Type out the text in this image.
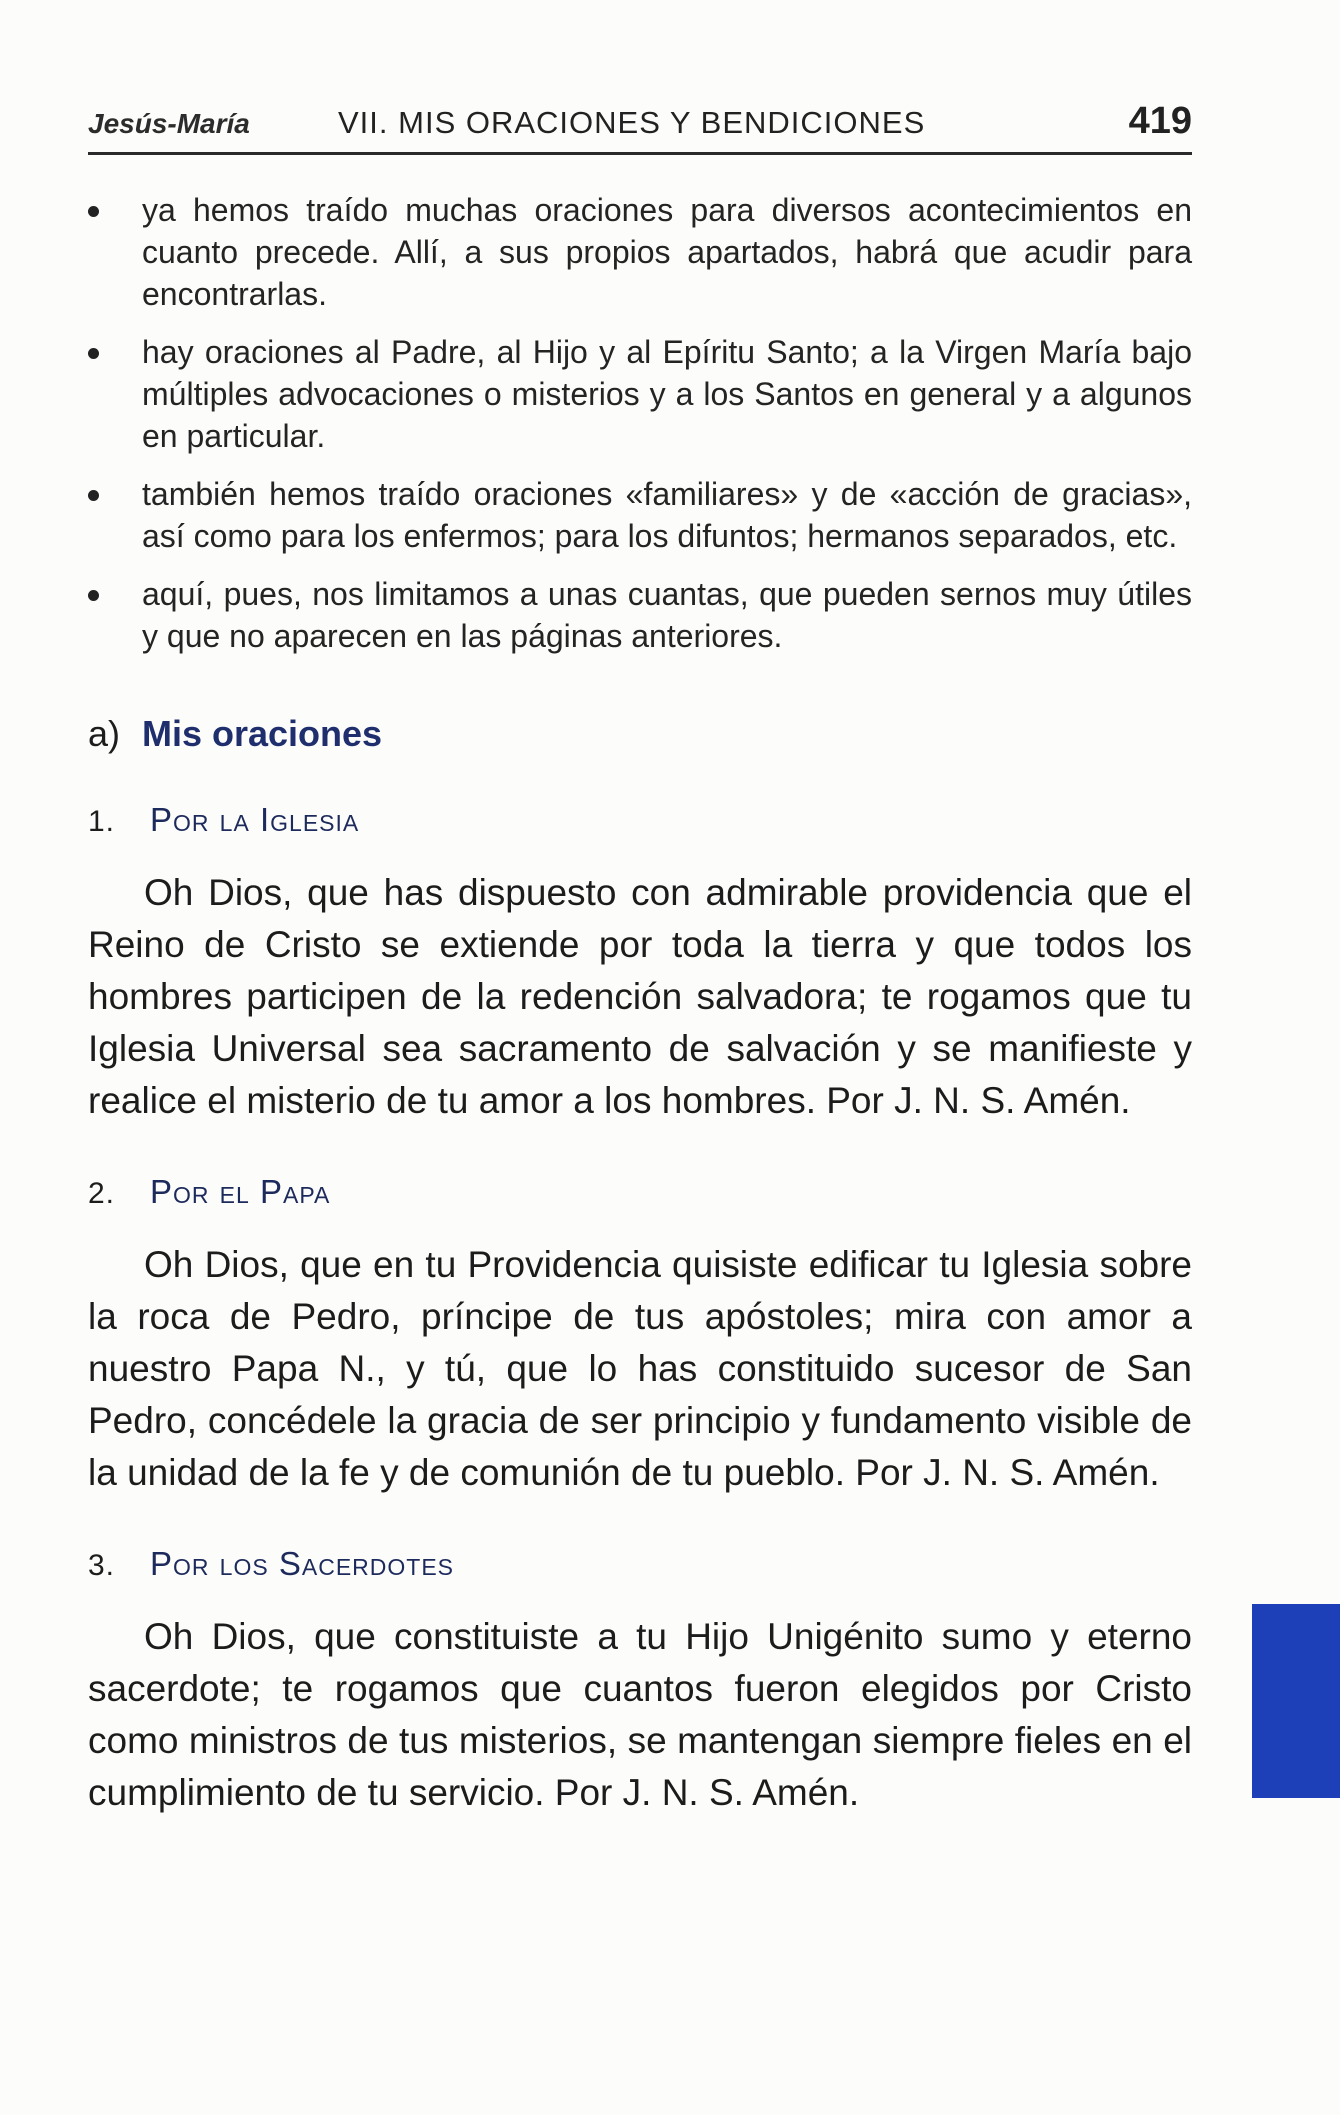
Jesús-María	VII. MIS ORACIONES Y BENDICIONES	419
ya hemos traído muchas oraciones para diversos acontecimientos en cuanto precede. Allí, a sus propios apartados, habrá que acudir para encontrarlas.
hay oraciones al Padre, al Hijo y al Epíritu Santo; a la Virgen María bajo múltiples advocaciones o misterios y a los Santos en general y a algunos en particular.
también hemos traído oraciones «familiares» y de «acción de gracias», así como para los enfermos; para los difuntos; hermanos separados, etc.
aquí, pues, nos limitamos a unas cuantas, que pueden sernos muy útiles y que no aparecen en las páginas anteriores.
a) Mis oraciones
1.	Por la Iglesia

Oh Dios, que has dispuesto con admirable providencia que el Reino de Cristo se extiende por toda la tierra y que todos los hombres participen de la redención salvadora; te rogamos que tu Iglesia Universal sea sacramento de salvación y se manifieste y realice el misterio de tu amor a los hombres. Por J. N. S. Amén.

2.	Por el Papa

Oh Dios, que en tu Providencia quisiste edificar tu Iglesia sobre la roca de Pedro, príncipe de tus apóstoles; mira con amor a nuestro Papa N., y tú, que lo has constituido sucesor de San Pedro, concédele la gracia de ser principio y fundamento visible de la unidad de la fe y de comunión de tu pueblo. Por J. N. S. Amén.

3.	Por los Sacerdotes

Oh Dios, que constituiste a tu Hijo Unigénito sumo y eterno sacerdote; te rogamos que cuantos fueron elegidos por Cristo como ministros de tus misterios, se mantengan siempre fieles en el cumplimiento de tu servicio. Por J. N. S. Amén.
